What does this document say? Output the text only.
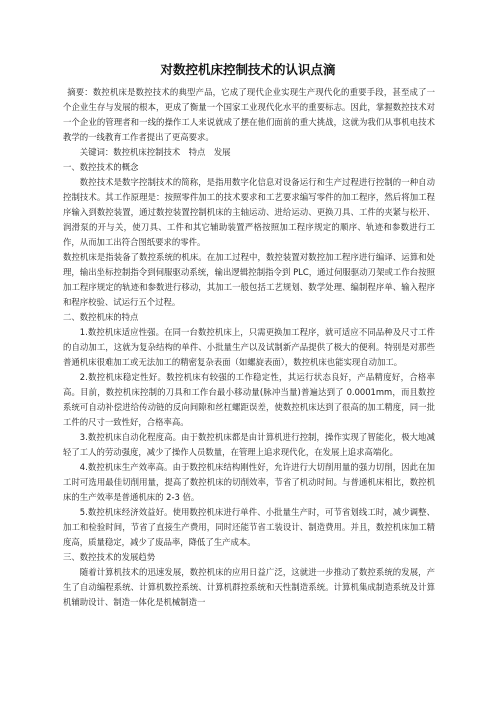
对数控机床控制技术的认识点滴

摘要：数控机床是数控技术的典型产品，它成了现代企业实现生产现代化的重要手段，甚至成了一个企业生存与发展的根本，更成了衡量一个国家工业现代化水平的重要标志。因此，掌握数控技术对一个企业的管理者和一线的操作工人来说就成了摆在他们面前的重大挑战，这就为我们从事机电技术教学的一线教育工作者提出了更高要求。

关键词：数控机床控制技术　特点　发展

一、数控技术的概念

数控技术是数字控制技术的简称，是指用数字化信息对设备运行和生产过程进行控制的一种自动控制技术。其工作原理是：按照零件加工的技术要求和工艺要求编写零件的加工程序，然后将加工程序输入到数控装置，通过数控装置控制机床的主轴运动、进给运动、更换刀具、工件的夹紧与松开、润滑泵的开与关，使刀具、工件和其它辅助装置严格按照加工程序规定的顺序、轨迹和参数进行工作，从而加工出符合图纸要求的零件。

数控机床是指装备了数控系统的机床。在加工过程中，数控装置对数控加工程序进行编译、运算和处理，输出坐标控制指令到伺服驱动系统，输出逻辑控制指令到 PLC，通过伺服驱动刀架或工作台按照加工程序规定的轨迹和参数进行移动，其加工一般包括工艺规划、数学处理、编制程序单、输入程序和程序校验、试运行五个过程。

二、数控机床的特点

1.数控机床适应性强。在同一台数控机床上，只需更换加工程序，就可适应不同品种及尺寸工件的自动加工，这就为复杂结构的单件、小批量生产以及试制新产品提供了极大的便利。特别是对那些普通机床很难加工或无法加工的精密复杂表面（如螺旋表面），数控机床也能实现自动加工。

2.数控机床稳定性好。数控机床有较强的工作稳定性，其运行状态良好，产品精度好，合格率高。目前，数控机床控制的刀具和工作台最小移动量(脉冲当量)普遍达到了 0.0001mm，而且数控系统可自动补偿进给传动链的反向间隙和丝杠螺距误差，使数控机床达到了很高的加工精度，同一批工件的尺寸一致性好，合格率高。

3.数控机床自动化程度高。由于数控机床都是由计算机进行控制，操作实现了智能化，极大地减轻了工人的劳动强度，减少了操作人员数量，在管理上追求现代化，在发展上追求高端化。

4.数控机床生产效率高。由于数控机床结构刚性好，允许进行大切削用量的强力切削，因此在加工时可选用最佳切削用量，提高了数控机床的切削效率，节省了机动时间。与普通机床相比，数控机床的生产效率是普通机床的 2-3 倍。

5.数控机床经济效益好。使用数控机床进行单件、小批量生产时，可节省划线工时，减少调整、加工和检验时间，节省了直接生产费用，同时还能节省工装设计、制造费用。并且，数控机床加工精度高，质量稳定，减少了废品率，降低了生产成本。

三、数控技术的发展趋势

随着计算机技术的迅速发展，数控机床的应用日益广泛，这就进一步推动了数控系统的发展，产生了自动编程系统、计算机数控系统、计算机群控系统和天性制造系统。计算机集成制造系统及计算机辅助设计、制造一体化是机械制造一
